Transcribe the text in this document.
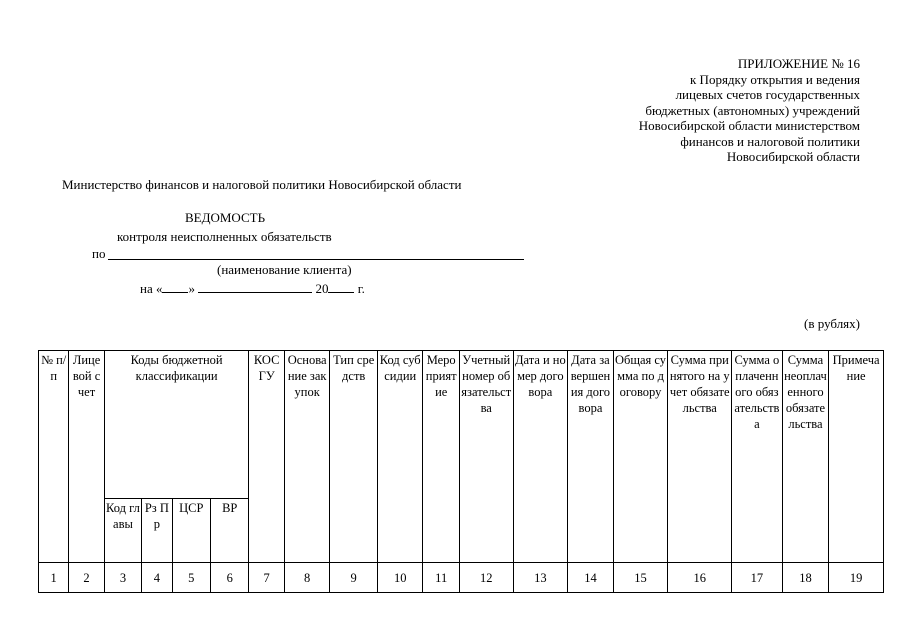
ПРИЛОЖЕНИЕ № 16
к Порядку открытия и ведения
лицевых счетов государственных
бюджетных (автономных) учреждений
Новосибирской области министерством
финансов и налоговой политики
Новосибирской области
Министерство финансов и налоговой политики Новосибирской области
ВЕДОМОСТЬ
контроля неисполненных обязательств
по
(наименование клиента)
на « »	20 г.
(в рублях)
№ п/п	Лицевой счет	Коды бюджетной классификации				КОС ГУ	Основание закупок	Тип средств	Код субсидии	Мероприятие	Учетный номер обязательства	Дата и номер договора	Дата завершения договора	Общая сумма по договору	Сумма принятого на учет обязательства	Сумма оплаченного обязательства	Сумма неоплаченного обязательства	Примечание
		Код главы	Рз Пр	ЦСР	ВР													
1	2	3	4	5	6	7	8	9	10	11	12	13	14	15	16	17	18	19
